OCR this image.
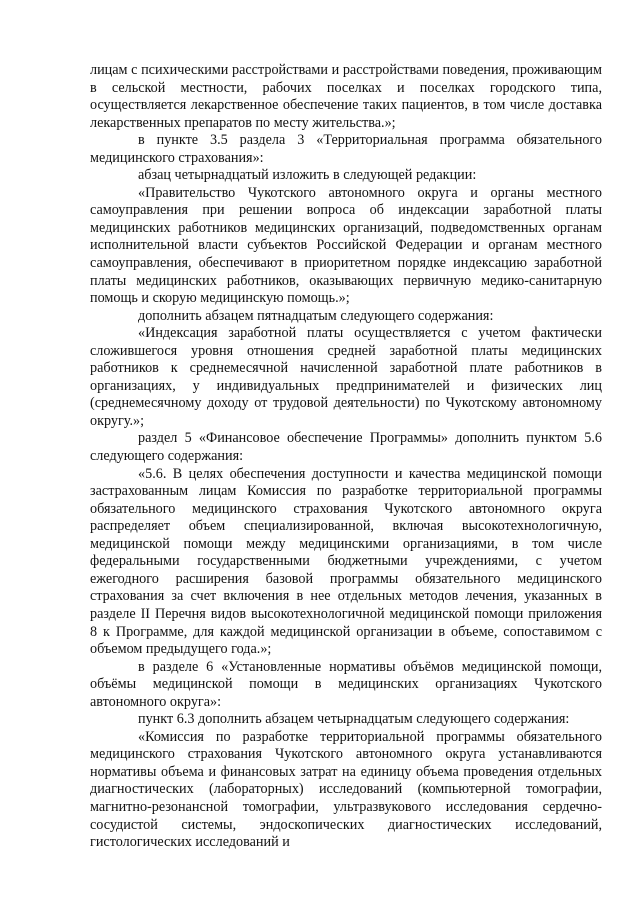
лицам с психическими расстройствами и расстройствами поведения, проживающим в сельской местности, рабочих поселках и поселках городского типа, осуществляется лекарственное обеспечение таких пациентов, в том числе доставка лекарственных препаратов по месту жительства.»;

в пункте 3.5 раздела 3 «Территориальная программа обязательного медицинского страхования»:

абзац четырнадцатый изложить в следующей редакции:

«Правительство Чукотского автономного округа и органы местного самоуправления при решении вопроса об индексации заработной платы медицинских работников медицинских организаций, подведомственных органам исполнительной власти субъектов Российской Федерации и органам местного самоуправления, обеспечивают в приоритетном порядке индексацию заработной платы медицинских работников, оказывающих первичную медико-санитарную помощь и скорую медицинскую помощь.»;

дополнить абзацем пятнадцатым следующего содержания:

«Индексация заработной платы осуществляется с учетом фактически сложившегося уровня отношения средней заработной платы медицинских работников к среднемесячной начисленной заработной плате работников в организациях, у индивидуальных предпринимателей и физических лиц (среднемесячному доходу от трудовой деятельности) по Чукотскому автономному округу.»;

раздел 5 «Финансовое обеспечение Программы» дополнить пунктом 5.6 следующего содержания:

«5.6. В целях обеспечения доступности и качества медицинской помощи застрахованным лицам Комиссия по разработке территориальной программы обязательного медицинского страхования Чукотского автономного округа распределяет объем специализированной, включая высокотехнологичную, медицинской помощи между медицинскими организациями, в том числе федеральными государственными бюджетными учреждениями, с учетом ежегодного расширения базовой программы обязательного медицинского страхования за счет включения в нее отдельных методов лечения, указанных в разделе II Перечня видов высокотехнологичной медицинской помощи приложения 8 к Программе, для каждой медицинской организации в объеме, сопоставимом с объемом предыдущего года.»;

в разделе 6 «Установленные нормативы объёмов медицинской помощи, объёмы медицинской помощи в медицинских организациях Чукотского автономного округа»:

пункт 6.3 дополнить абзацем четырнадцатым следующего содержания:

«Комиссия по разработке территориальной программы обязательного медицинского страхования Чукотского автономного округа устанавливаются нормативы объема и финансовых затрат на единицу объема проведения отдельных диагностических (лабораторных) исследований (компьютерной томографии, магнитно-резонансной томографии, ультразвукового исследования сердечно-сосудистой системы, эндоскопических диагностических исследований, гистологических исследований и
